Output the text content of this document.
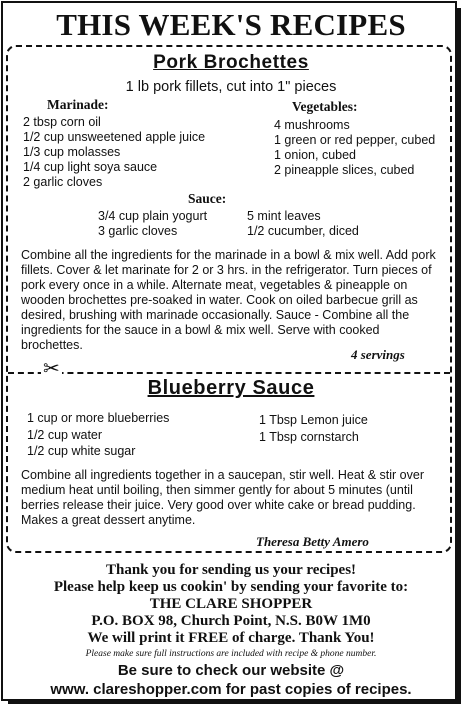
THIS WEEK'S RECIPES
Pork Brochettes
1 lb pork fillets, cut into 1" pieces
Marinade:	Vegetables:
2 tbsp corn oil
1/2 cup unsweetened apple juice
1/3 cup molasses
1/4 cup light soya sauce
2 garlic cloves
4 mushrooms
1 green or red pepper, cubed
1 onion, cubed
2 pineapple slices, cubed
Sauce:
3/4 cup plain yogurt
3 garlic cloves
5 mint leaves
1/2 cucumber, diced
Combine all the ingredients for the marinade in a bowl & mix well. Add pork fillets. Cover & let marinate for 2 or 3 hrs. in the refrigerator. Turn pieces of pork every once in a while. Alternate meat, vegetables & pineapple on wooden brochettes pre-soaked in water. Cook on oiled barbecue grill as desired, brushing with marinade occasionally. Sauce - Combine all the ingredients for the sauce in a bowl & mix well. Serve with cooked brochettes.
4 servings
✂
Blueberry Sauce
1 cup or more blueberries
1/2 cup water
1/2 cup white sugar
1 Tbsp Lemon juice
1 Tbsp cornstarch
Combine all ingredients together in a saucepan, stir well. Heat & stir over medium heat until boiling, then simmer gently for about 5 minutes (until berries release their juice. Very good over white cake or bread pudding. Makes a great dessert anytime.
Theresa Betty Amero
Thank you for sending us your recipes!
Please help keep us cookin' by sending your favorite to:
THE CLARE SHOPPER
P.O. BOX 98, Church Point, N.S. B0W 1M0
We will print it FREE of charge. Thank You!
Please make sure full instructions are included with recipe & phone number.
Be sure to check our website @
www. clareshopper.com for past copies of recipes.
